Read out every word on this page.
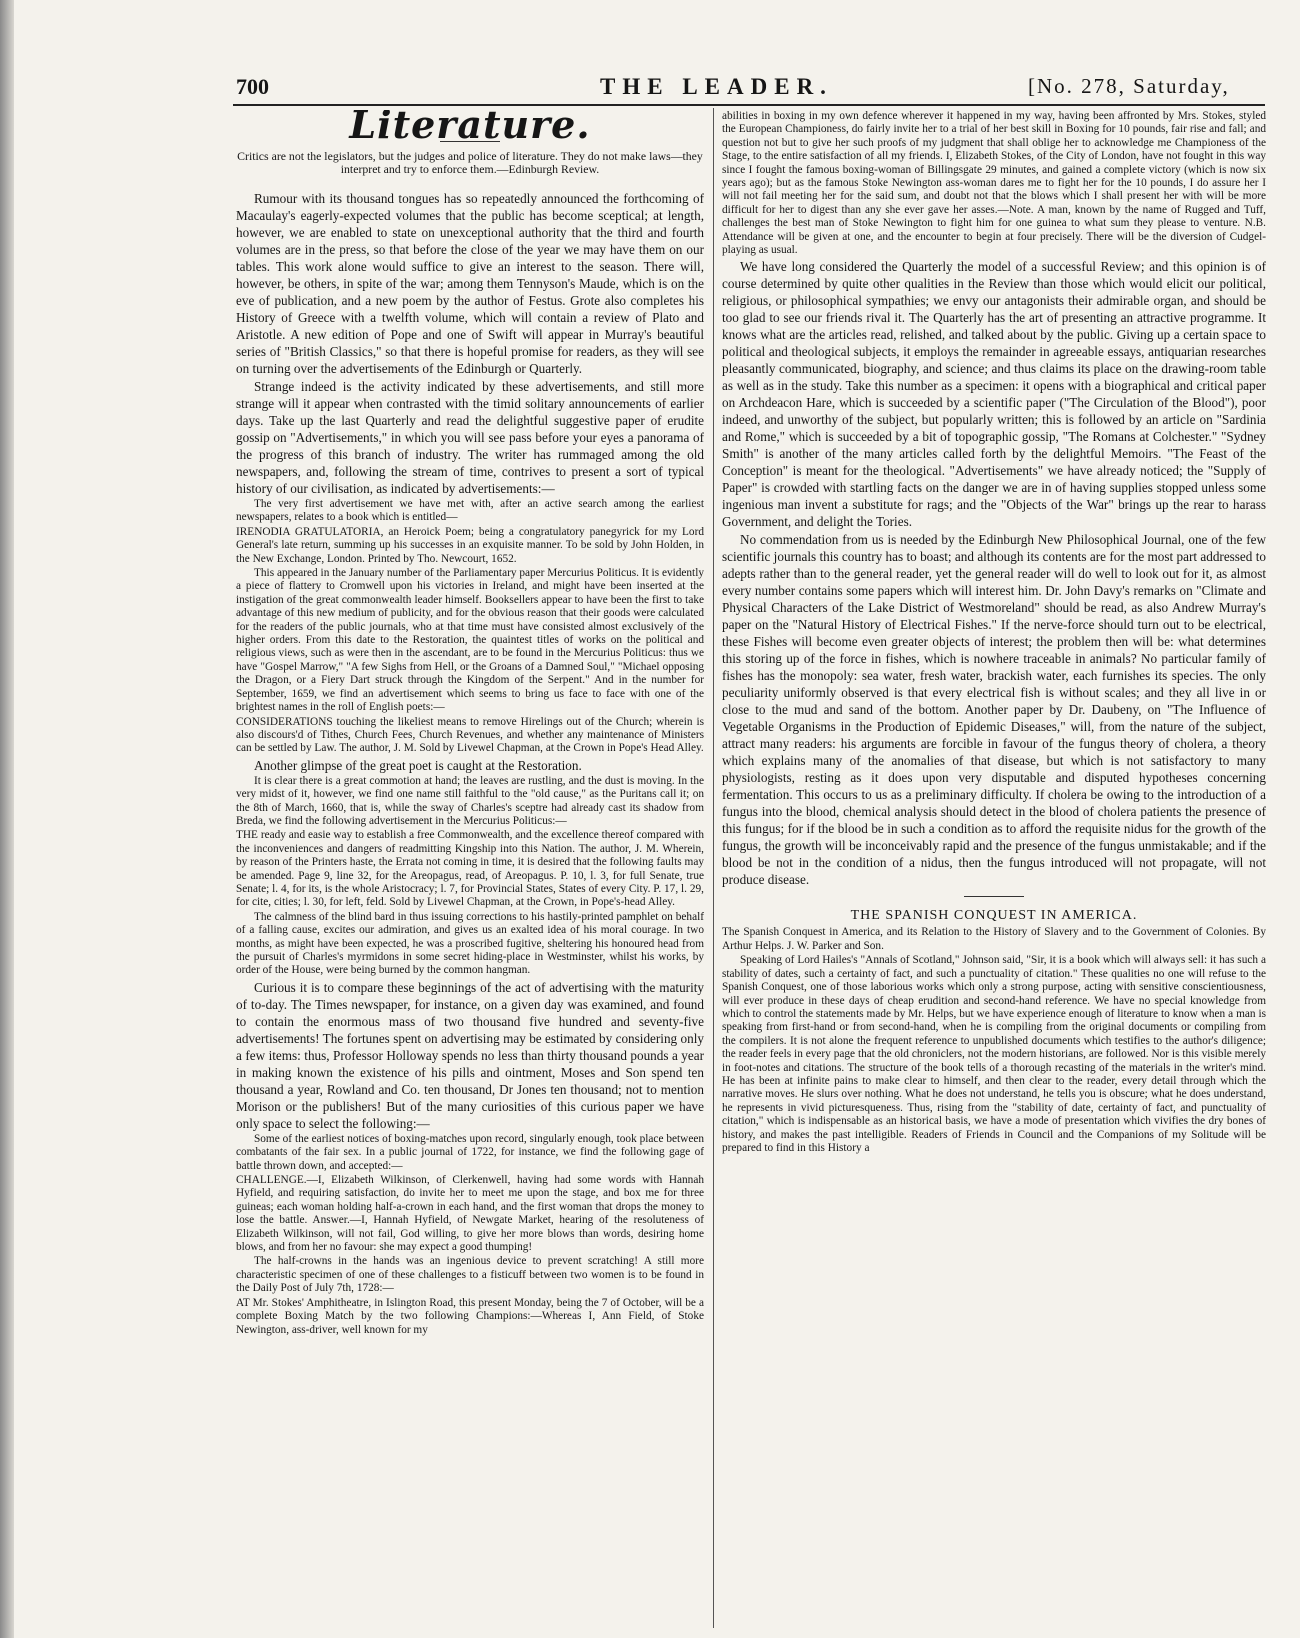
700	THE LEADER.	[No. 278, Saturday,
Literature.
Critics are not the legislators, but the judges and police of literature. They do not make laws—they interpret and try to enforce them.—Edinburgh Review.

Rumour with its thousand tongues has so repeatedly announced the forthcoming of Macaulay's eagerly-expected volumes that the public has become sceptical; at length, however, we are enabled to state on unexceptional authority that the third and fourth volumes are in the press, so that before the close of the year we may have them on our tables. This work alone would suffice to give an interest to the season. There will, however, be others, in spite of the war; among them Tennyson's Maude, which is on the eve of publication, and a new poem by the author of Festus. Grote also completes his History of Greece with a twelfth volume, which will contain a review of Plato and Aristotle. A new edition of Pope and one of Swift will appear in Murray's beautiful series of "British Classics," so that there is hopeful promise for readers, as they will see on turning over the advertisements of the Edinburgh or Quarterly.

Strange indeed is the activity indicated by these advertisements, and still more strange will it appear when contrasted with the timid solitary announcements of earlier days. Take up the last Quarterly and read the delightful suggestive paper of erudite gossip on "Advertisements," in which you will see pass before your eyes a panorama of the progress of this branch of industry. The writer has rummaged among the old newspapers, and, following the stream of time, contrives to present a sort of typical history of our civilisation, as indicated by advertisements:—

The very first advertisement we have met with, after an active search among the earliest newspapers, relates to a book which is entitled—

IRENODIA GRATULATORIA, an Heroick Poem; being a congratulatory panegyrick for my Lord General's late return, summing up his successes in an exquisite manner. To be sold by John Holden, in the New Exchange, London. Printed by Tho. Newcourt, 1652.

This appeared in the January number of the Parliamentary paper Mercurius Politicus. It is evidently a piece of flattery to Cromwell upon his victories in Ireland, and might have been inserted at the instigation of the great commonwealth leader himself. Booksellers appear to have been the first to take advantage of this new medium of publicity, and for the obvious reason that their goods were calculated for the readers of the public journals, who at that time must have consisted almost exclusively of the higher orders. From this date to the Restoration, the quaintest titles of works on the political and religious views, such as were then in the ascendant, are to be found in the Mercurius Politicus: thus we have "Gospel Marrow," "A few Sighs from Hell, or the Groans of a Damned Soul," "Michael opposing the Dragon, or a Fiery Dart struck through the Kingdom of the Serpent." And in the number for September, 1659, we find an advertisement which seems to bring us face to face with one of the brightest names in the roll of English poets:—

CONSIDERATIONS touching the likeliest means to remove Hirelings out of the Church; wherein is also discours'd of Tithes, Church Fees, Church Revenues, and whether any maintenance of Ministers can be settled by Law. The author, J. M. Sold by Livewel Chapman, at the Crown in Pope's Head Alley.

Another glimpse of the great poet is caught at the Restoration.

It is clear there is a great commotion at hand; the leaves are rustling, and the dust is moving. In the very midst of it, however, we find one name still faithful to the "old cause," as the Puritans call it; on the 8th of March, 1660, that is, while the sway of Charles's sceptre had already cast its shadow from Breda, we find the following advertisement in the Mercurius Politicus:—

THE ready and easie way to establish a free Commonwealth, and the excellence thereof compared with the inconveniences and dangers of readmitting Kingship into this Nation. The author, J. M. Wherein, by reason of the Printers haste, the Errata not coming in time, it is desired that the following faults may be amended. Page 9, line 32, for the Areopagus, read, of Areopagus. P. 10, l. 3, for full Senate, true Senate; l. 4, for its, is the whole Aristocracy; l. 7, for Provincial States, States of every City. P. 17, l. 29, for cite, cities; l. 30, for left, feld. Sold by Livewel Chapman, at the Crown, in Pope's-head Alley.

The calmness of the blind bard in thus issuing corrections to his hastily-printed pamphlet on behalf of a falling cause, excites our admiration, and gives us an exalted idea of his moral courage. In two months, as might have been expected, he was a proscribed fugitive, sheltering his honoured head from the pursuit of Charles's myrmidons in some secret hiding-place in Westminster, whilst his works, by order of the House, were being burned by the common hangman.

Curious it is to compare these beginnings of the act of advertising with the maturity of to-day. The Times newspaper, for instance, on a given day was examined, and found to contain the enormous mass of two thousand five hundred and seventy-five advertisements! The fortunes spent on advertising may be estimated by considering only a few items: thus, Professor Holloway spends no less than thirty thousand pounds a year in making known the existence of his pills and ointment, Moses and Son spend ten thousand a year, Rowland and Co. ten thousand, Dr Jones ten thousand; not to mention Morison or the publishers! But of the many curiosities of this curious paper we have only space to select the following:—

Some of the earliest notices of boxing-matches upon record, singularly enough, took place between combatants of the fair sex. In a public journal of 1722, for instance, we find the following gage of battle thrown down, and accepted:—

CHALLENGE.—I, Elizabeth Wilkinson, of Clerkenwell, having had some words with Hannah Hyfield, and requiring satisfaction, do invite her to meet me upon the stage, and box me for three guineas; each woman holding half-a-crown in each hand, and the first woman that drops the money to lose the battle. Answer.—I, Hannah Hyfield, of Newgate Market, hearing of the resoluteness of Elizabeth Wilkinson, will not fail, God willing, to give her more blows than words, desiring home blows, and from her no favour: she may expect a good thumping!

The half-crowns in the hands was an ingenious device to prevent scratching! A still more characteristic specimen of one of these challenges to a fisticuff between two women is to be found in the Daily Post of July 7th, 1728:—

AT Mr. Stokes' Amphitheatre, in Islington Road, this present Monday, being the 7 of October, will be a complete Boxing Match by the two following Champions:—Whereas I, Ann Field, of Stoke Newington, ass-driver, well known for my

abilities in boxing in my own defence wherever it happened in my way, having been affronted by Mrs. Stokes, styled the European Championess, do fairly invite her to a trial of her best skill in Boxing for 10 pounds, fair rise and fall; and question not but to give her such proofs of my judgment that shall oblige her to acknowledge me Championess of the Stage, to the entire satisfaction of all my friends. I, Elizabeth Stokes, of the City of London, have not fought in this way since I fought the famous boxing-woman of Billingsgate 29 minutes, and gained a complete victory (which is now six years ago); but as the famous Stoke Newington ass-woman dares me to fight her for the 10 pounds, I do assure her I will not fail meeting her for the said sum, and doubt not that the blows which I shall present her with will be more difficult for her to digest than any she ever gave her asses.—Note. A man, known by the name of Rugged and Tuff, challenges the best man of Stoke Newington to fight him for one guinea to what sum they please to venture. N.B. Attendance will be given at one, and the encounter to begin at four precisely. There will be the diversion of Cudgel-playing as usual.

We have long considered the Quarterly the model of a successful Review; and this opinion is of course determined by quite other qualities in the Review than those which would elicit our political, religious, or philosophical sympathies; we envy our antagonists their admirable organ, and should be too glad to see our friends rival it. The Quarterly has the art of presenting an attractive programme. It knows what are the articles read, relished, and talked about by the public. Giving up a certain space to political and theological subjects, it employs the remainder in agreeable essays, antiquarian researches pleasantly communicated, biography, and science; and thus claims its place on the drawing-room table as well as in the study. Take this number as a specimen: it opens with a biographical and critical paper on Archdeacon Hare, which is succeeded by a scientific paper ("The Circulation of the Blood"), poor indeed, and unworthy of the subject, but popularly written; this is followed by an article on "Sardinia and Rome," which is succeeded by a bit of topographic gossip, "The Romans at Colchester." "Sydney Smith" is another of the many articles called forth by the delightful Memoirs. "The Feast of the Conception" is meant for the theological. "Advertisements" we have already noticed; the "Supply of Paper" is crowded with startling facts on the danger we are in of having supplies stopped unless some ingenious man invent a substitute for rags; and the "Objects of the War" brings up the rear to harass Government, and delight the Tories.

No commendation from us is needed by the Edinburgh New Philosophical Journal, one of the few scientific journals this country has to boast; and although its contents are for the most part addressed to adepts rather than to the general reader, yet the general reader will do well to look out for it, as almost every number contains some papers which will interest him. Dr. John Davy's remarks on "Climate and Physical Characters of the Lake District of Westmoreland" should be read, as also Andrew Murray's paper on the "Natural History of Electrical Fishes." If the nerve-force should turn out to be electrical, these Fishes will become even greater objects of interest; the problem then will be: what determines this storing up of the force in fishes, which is nowhere traceable in animals? No particular family of fishes has the monopoly: sea water, fresh water, brackish water, each furnishes its species. The only peculiarity uniformly observed is that every electrical fish is without scales; and they all live in or close to the mud and sand of the bottom. Another paper by Dr. Daubeny, on "The Influence of Vegetable Organisms in the Production of Epidemic Diseases," will, from the nature of the subject, attract many readers: his arguments are forcible in favour of the fungus theory of cholera, a theory which explains many of the anomalies of that disease, but which is not satisfactory to many physiologists, resting as it does upon very disputable and disputed hypotheses concerning fermentation. This occurs to us as a preliminary difficulty. If cholera be owing to the introduction of a fungus into the blood, chemical analysis should detect in the blood of cholera patients the presence of this fungus; for if the blood be in such a condition as to afford the requisite nidus for the growth of the fungus, the growth will be inconceivably rapid and the presence of the fungus unmistakable; and if the blood be not in the condition of a nidus, then the fungus introduced will not propagate, will not produce disease.

THE SPANISH CONQUEST IN AMERICA.

The Spanish Conquest in America, and its Relation to the History of Slavery and to the Government of Colonies. By Arthur Helps. J. W. Parker and Son.

Speaking of Lord Hailes's "Annals of Scotland," Johnson said, "Sir, it is a book which will always sell: it has such a stability of dates, such a certainty of fact, and such a punctuality of citation." These qualities no one will refuse to the Spanish Conquest, one of those laborious works which only a strong purpose, acting with sensitive conscientiousness, will ever produce in these days of cheap erudition and second-hand reference. We have no special knowledge from which to control the statements made by Mr. Helps, but we have experience enough of literature to know when a man is speaking from first-hand or from second-hand, when he is compiling from the original documents or compiling from the compilers. It is not alone the frequent reference to unpublished documents which testifies to the author's diligence; the reader feels in every page that the old chroniclers, not the modern historians, are followed. Nor is this visible merely in foot-notes and citations. The structure of the book tells of a thorough recasting of the materials in the writer's mind. He has been at infinite pains to make clear to himself, and then clear to the reader, every detail through which the narrative moves. He slurs over nothing. What he does not understand, he tells you is obscure; what he does understand, he represents in vivid picturesqueness. Thus, rising from the "stability of date, certainty of fact, and punctuality of citation," which is indispensable as an historical basis, we have a mode of presentation which vivifies the dry bones of history, and makes the past intelligible. Readers of Friends in Council and the Companions of my Solitude will be prepared to find in this History a
